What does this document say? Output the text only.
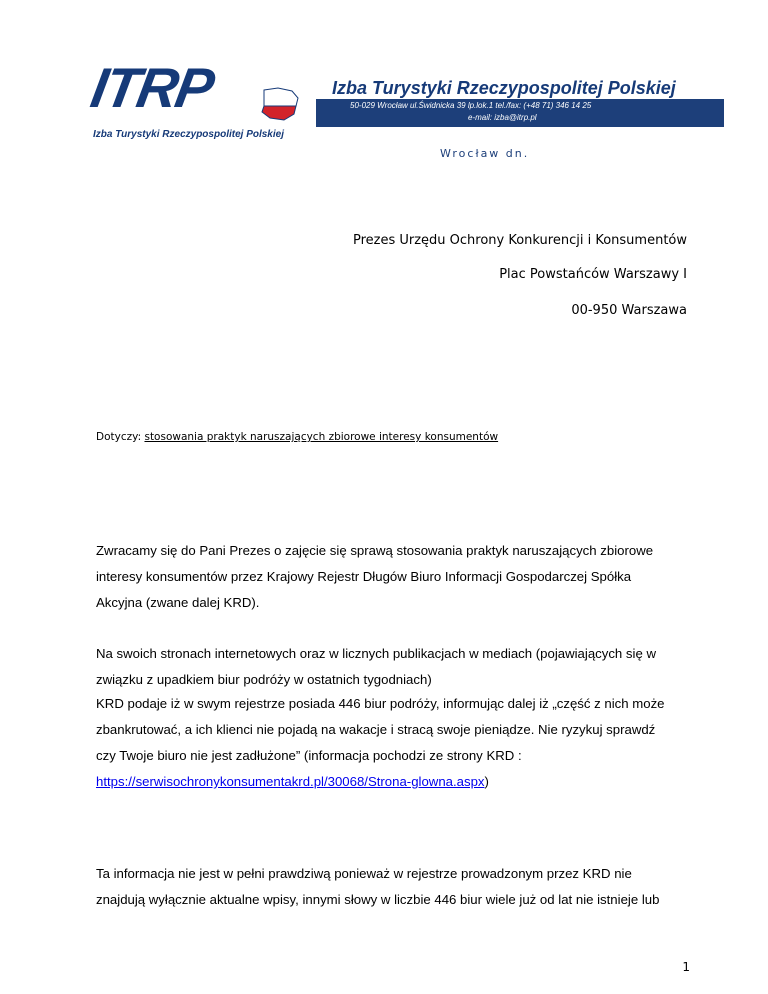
ITRP

Izba Turystyki Rzeczypospolitej Polskiej

Izba Turystyki Rzeczypospolitej Polskiej

50-029 Wrocław ul.Świdnicka 39 lp.lok.1 tel./fax: (+48 71) 346 14 25

e-mail: izba@itrp.pl

Wrocław dn.

Prezes Urzędu Ochrony Konkurencji i Konsumentów

Plac Powstańców Warszawy I

00-950 Warszawa

Dotyczy: stosowania praktyk naruszających zbiorowe interesy konsumentów

Zwracamy się do Pani Prezes o zajęcie się sprawą stosowania praktyk naruszających zbiorowe
interesy konsumentów przez Krajowy Rejestr Długów Biuro Informacji Gospodarczej Spółka
Akcyjna (zwane dalej KRD).

Na swoich stronach internetowych oraz w licznych publikacjach w mediach (pojawiających się w
związku z upadkiem biur podróży w ostatnich tygodniach)

KRD podaje iż w swym rejestrze posiada 446 biur podróży, informując dalej iż „część z nich może
zbankrutować, a ich klienci nie pojadą na wakacje i stracą swoje pieniądze. Nie ryzykuj sprawdź
czy Twoje biuro nie jest zadłużone” (informacja pochodzi ze strony KRD :
https://serwisochronykonsumentakrd.pl/30068/Strona-glowna.aspx)

Ta informacja nie jest w pełni prawdziwą ponieważ w rejestrze prowadzonym przez KRD nie
znajdują wyłącznie aktualne wpisy, innymi słowy w liczbie 446 biur wiele już od lat nie istnieje lub

1
